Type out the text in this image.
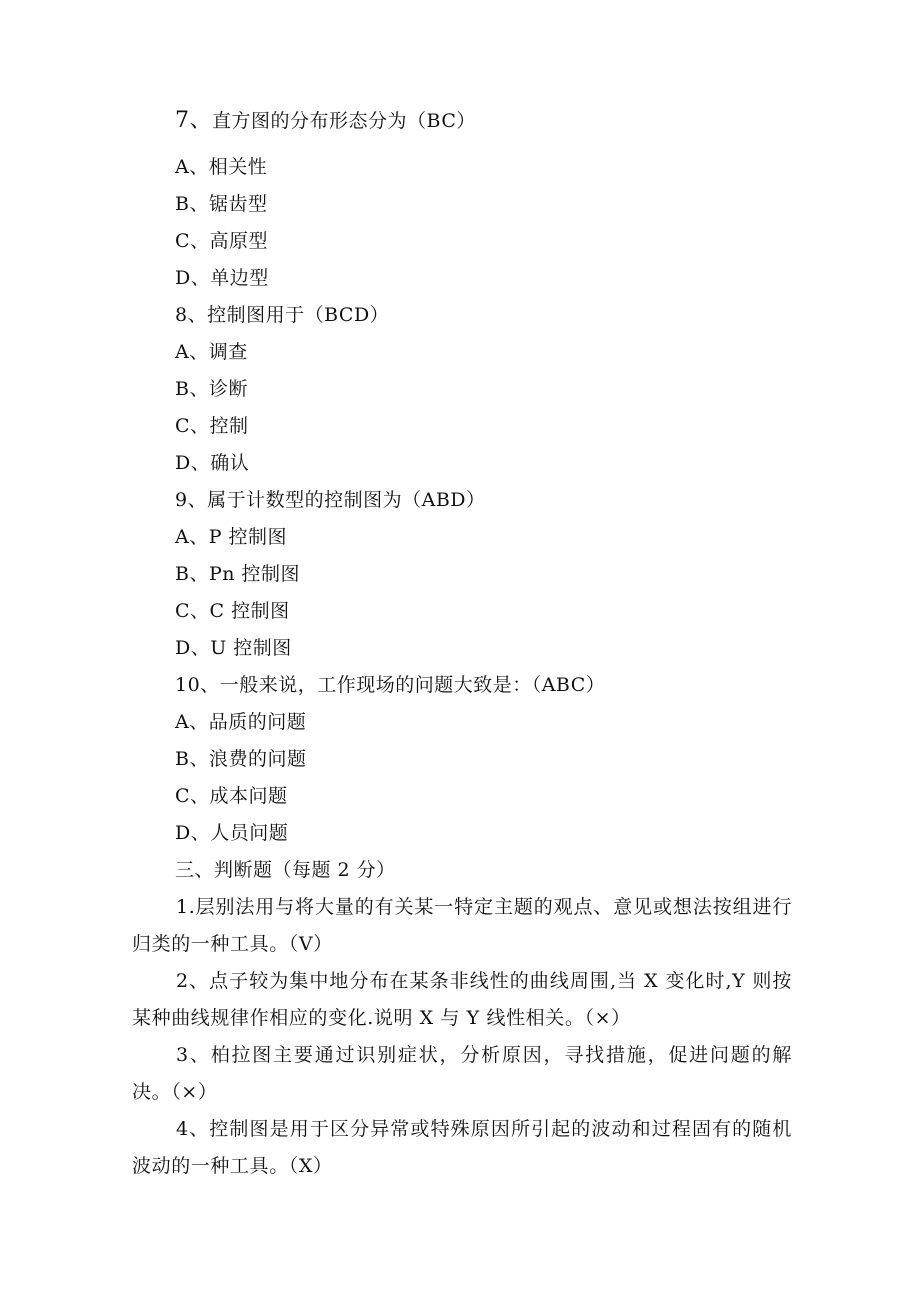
7、直方图的分布形态分为（BC）
A、相关性
B、锯齿型
C、高原型
D、单边型
8、控制图用于（BCD）
A、调查
B、诊断
C、控制
D、确认
9、属于计数型的控制图为（ABD）
A、P 控制图
B、Pn 控制图
C、C 控制图
D、U 控制图
10、一般来说，工作现场的问题大致是：（ABC）
A、品质的问题
B、浪费的问题
C、成本问题
D、人员问题
三、判断题（每题 2 分）
1.层别法用与将大量的有关某一特定主题的观点、意见或想法按组进行归类的一种工具。（V）
2、点子较为集中地分布在某条非线性的曲线周围,当 X 变化时,Y 则按某种曲线规律作相应的变化.说明 X 与 Y 线性相关。（×）
3、柏拉图主要通过识别症状，分析原因，寻找措施，促进问题的解决。（×）
4、控制图是用于区分异常或特殊原因所引起的波动和过程固有的随机波动的一种工具。（X）
